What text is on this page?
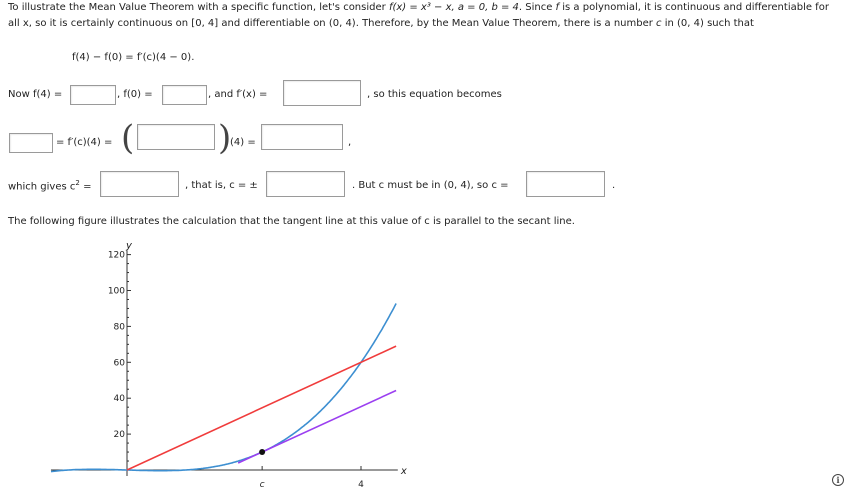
To illustrate the Mean Value Theorem with a specific function, let's consider f(x) = x³ − x, a = 0, b = 4. Since f is a polynomial, it is continuous and differentiable for all x, so it is certainly continuous on [0, 4] and differentiable on (0, 4). Therefore, by the Mean Value Theorem, there is a number c in (0, 4) such that
f(4) − f(0) = f′(c)(4 − 0).
Now f(4) =	, f(0) =	, and f′(x) =	, so this equation becomes
= f′(c)(4) = ( )
(4) =	,
which gives $c^2$ =	, that is, c = ±	. But c must be in (0, 4), so c =	.
The following figure illustrates the calculation that the tangent line at this value of c is parallel to the secant line.
20
40
60
80
100
120
y
x
c	4	i
